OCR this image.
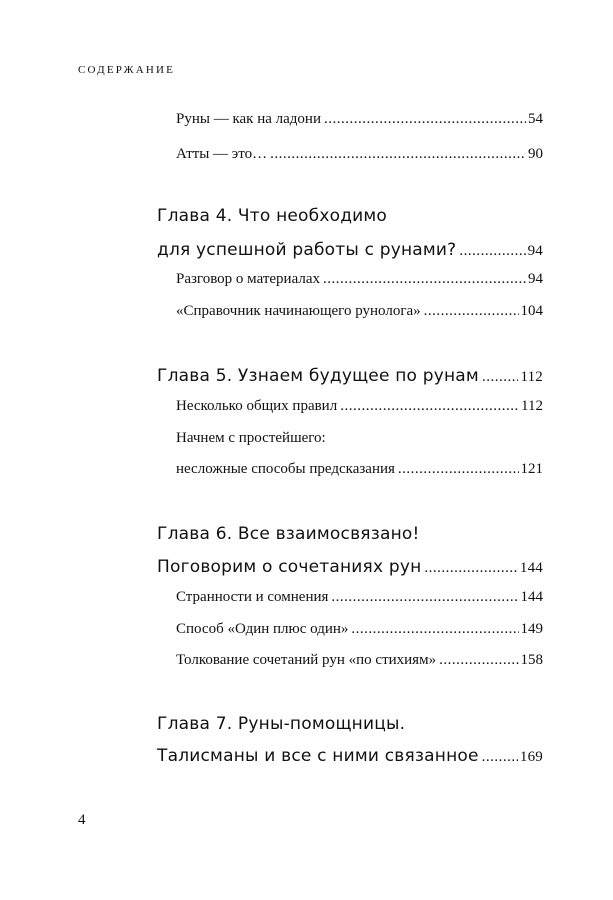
СОДЕРЖАНИЕ
Руны — как на ладони .....	54
Атты — это… .....	90
Глава 4. Что необходимо
для успешной работы с рунами? .....	94
Разговор о материалах .....	94
«Справочник начинающего рунолога» .....	104
Глава 5. Узнаем будущее по рунам .....	112
Несколько общих правил .....	112
Начнем с простейшего:
несложные способы предсказания .....	121
Глава 6. Все взаимосвязано!
Поговорим о сочетаниях рун .....	144
Странности и сомнения .....	144
Способ «Один плюс один» .....	149
Толкование сочетаний рун «по стихиям» .....	158
Глава 7. Руны-помощницы.
Талисманы и все с ними связанное .....	169
4
